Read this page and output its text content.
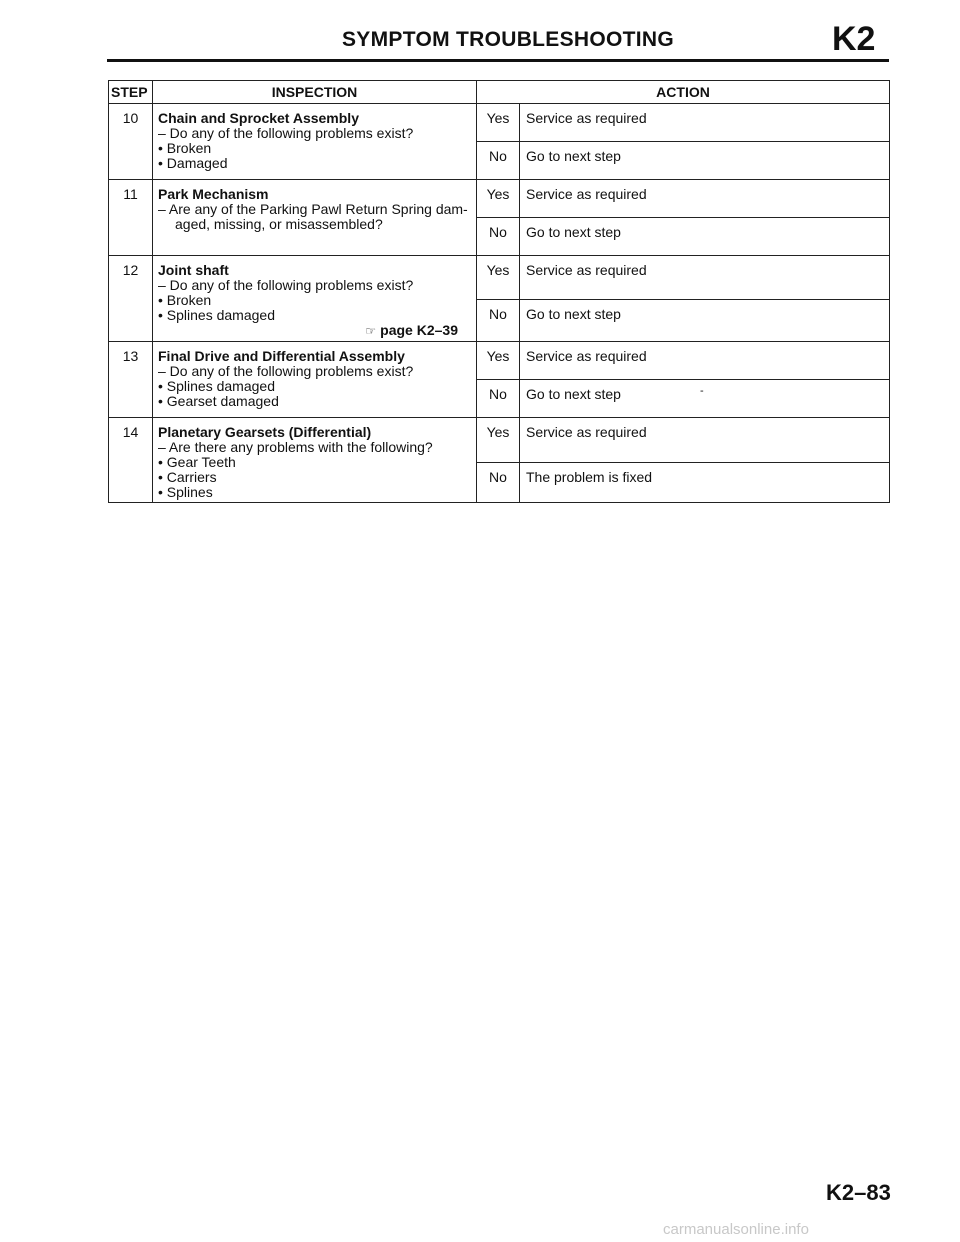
SYMPTOM TROUBLESHOOTING	K2
STEP	INSPECTION	ACTION	
10	Chain and Sprocket Assembly
– Do any of the following problems exist?
• Broken
• Damaged	Yes	Service as required
		No	Go to next step
11	Park Mechanism
– Are any of the Parking Pawl Return Spring dam-
aged, missing, or misassembled?	Yes	Service as required
		No	Go to next step
12	Joint shaft
– Do any of the following problems exist?
• Broken
• Splines damaged
☞ page K2–39	Yes	Service as required
		No	Go to next step
13	Final Drive and Differential Assembly
– Do any of the following problems exist?
• Splines damaged
• Gearset damaged	Yes	Service as required
		No	Go to next step -

14	Planetary Gearsets (Differential)
– Are there any problems with the following?
• Gear Teeth
• Carriers
• Splines	Yes	Service as required
		No	The problem is fixed
K2–83
carmanualsonline.info
